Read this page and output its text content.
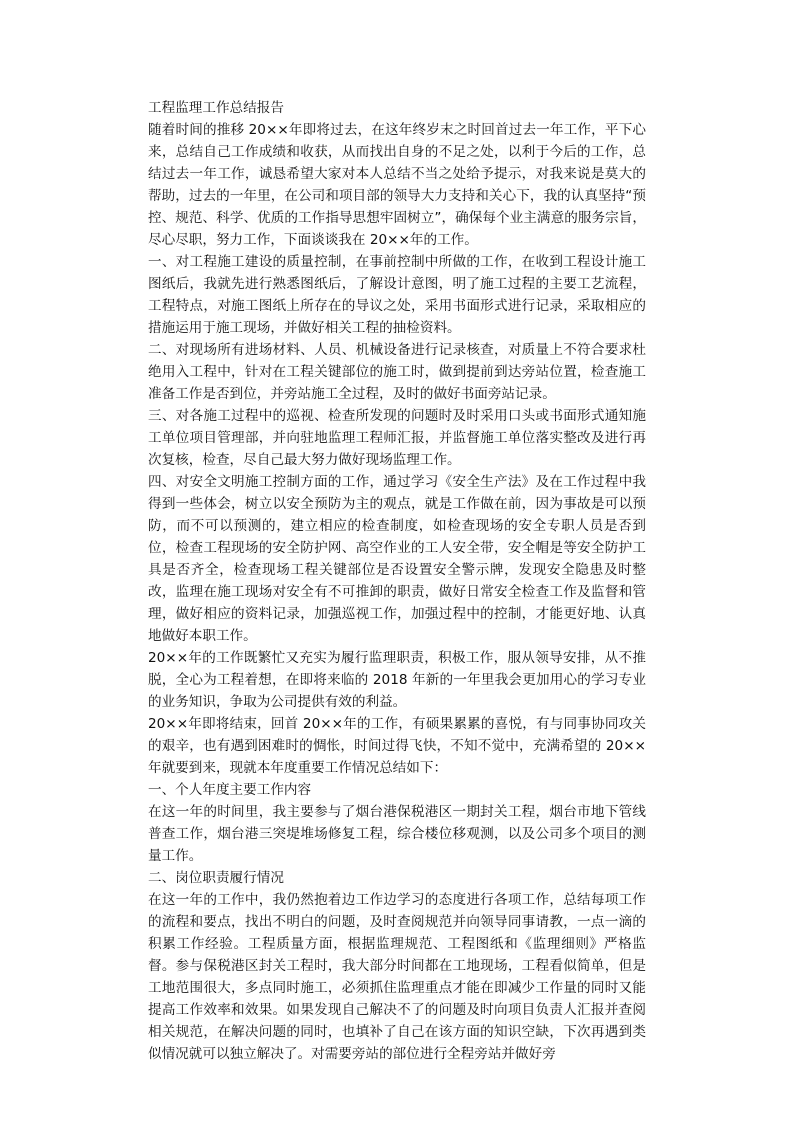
工程监理工作总结报告

随着时间的推移 20××年即将过去，在这年终岁末之时回首过去一年工作，平下心来，总结自己工作成绩和收获，从而找出自身的不足之处，以利于今后的工作，总结过去一年工作，诚恳希望大家对本人总结不当之处给予提示，对我来说是莫大的帮助，过去的一年里，在公司和项目部的领导大力支持和关心下，我的认真坚持“预控、规范、科学、优质的工作指导思想牢固树立”，确保每个业主满意的服务宗旨，尽心尽职，努力工作，下面谈谈我在 20××年的工作。

一、对工程施工建设的质量控制，在事前控制中所做的工作，在收到工程设计施工图纸后，我就先进行熟悉图纸后，了解设计意图，明了施工过程的主要工艺流程，工程特点，对施工图纸上所存在的导议之处，采用书面形式进行记录，采取相应的措施运用于施工现场，并做好相关工程的抽检资料。

二、对现场所有进场材料、人员、机械设备进行记录核查，对质量上不符合要求杜绝用入工程中，针对在工程关键部位的施工时，做到提前到达旁站位置，检查施工准备工作是否到位，并旁站施工全过程，及时的做好书面旁站记录。

三、对各施工过程中的巡视、检查所发现的问题时及时采用口头或书面形式通知施工单位项目管理部，并向驻地监理工程师汇报，并监督施工单位落实整改及进行再次复核，检查，尽自己最大努力做好现场监理工作。

四、对安全文明施工控制方面的工作，通过学习《安全生产法》及在工作过程中我得到一些体会，树立以安全预防为主的观点，就是工作做在前，因为事故是可以预防，而不可以预测的，建立相应的检查制度，如检查现场的安全专职人员是否到位，检查工程现场的安全防护网、高空作业的工人安全带，安全帽是等安全防护工具是否齐全，检查现场工程关键部位是否设置安全警示牌，发现安全隐患及时整改，监理在施工现场对安全有不可推卸的职责，做好日常安全检查工作及监督和管理，做好相应的资料记录，加强巡视工作，加强过程中的控制，才能更好地、认真地做好本职工作。

20××年的工作既繁忙又充实为履行监理职责，积极工作，服从领导安排，从不推脱，全心为工程着想，在即将来临的 2018 年新的一年里我会更加用心的学习专业的业务知识，争取为公司提供有效的利益。

20××年即将结束，回首 20××年的工作，有硕果累累的喜悦，有与同事协同攻关的艰辛，也有遇到困难时的惆怅，时间过得飞快，不知不觉中，充满希望的 20××年就要到来，现就本年度重要工作情况总结如下：

一、个人年度主要工作内容

在这一年的时间里，我主要参与了烟台港保税港区一期封关工程，烟台市地下管线普查工作，烟台港三突堤堆场修复工程，综合楼位移观测，以及公司多个项目的测量工作。

二、岗位职责履行情况

在这一年的工作中，我仍然抱着边工作边学习的态度进行各项工作，总结每项工作的流程和要点，找出不明白的问题，及时查阅规范并向领导同事请教，一点一滴的积累工作经验。工程质量方面，根据监理规范、工程图纸和《监理细则》严格监督。参与保税港区封关工程时，我大部分时间都在工地现场，工程看似简单，但是工地范围很大，多点同时施工，必须抓住监理重点才能在即减少工作量的同时又能提高工作效率和效果。如果发现自己解决不了的问题及时向项目负责人汇报并查阅相关规范，在解决问题的同时，也填补了自己在该方面的知识空缺，下次再遇到类似情况就可以独立解决了。对需要旁站的部位进行全程旁站并做好旁
